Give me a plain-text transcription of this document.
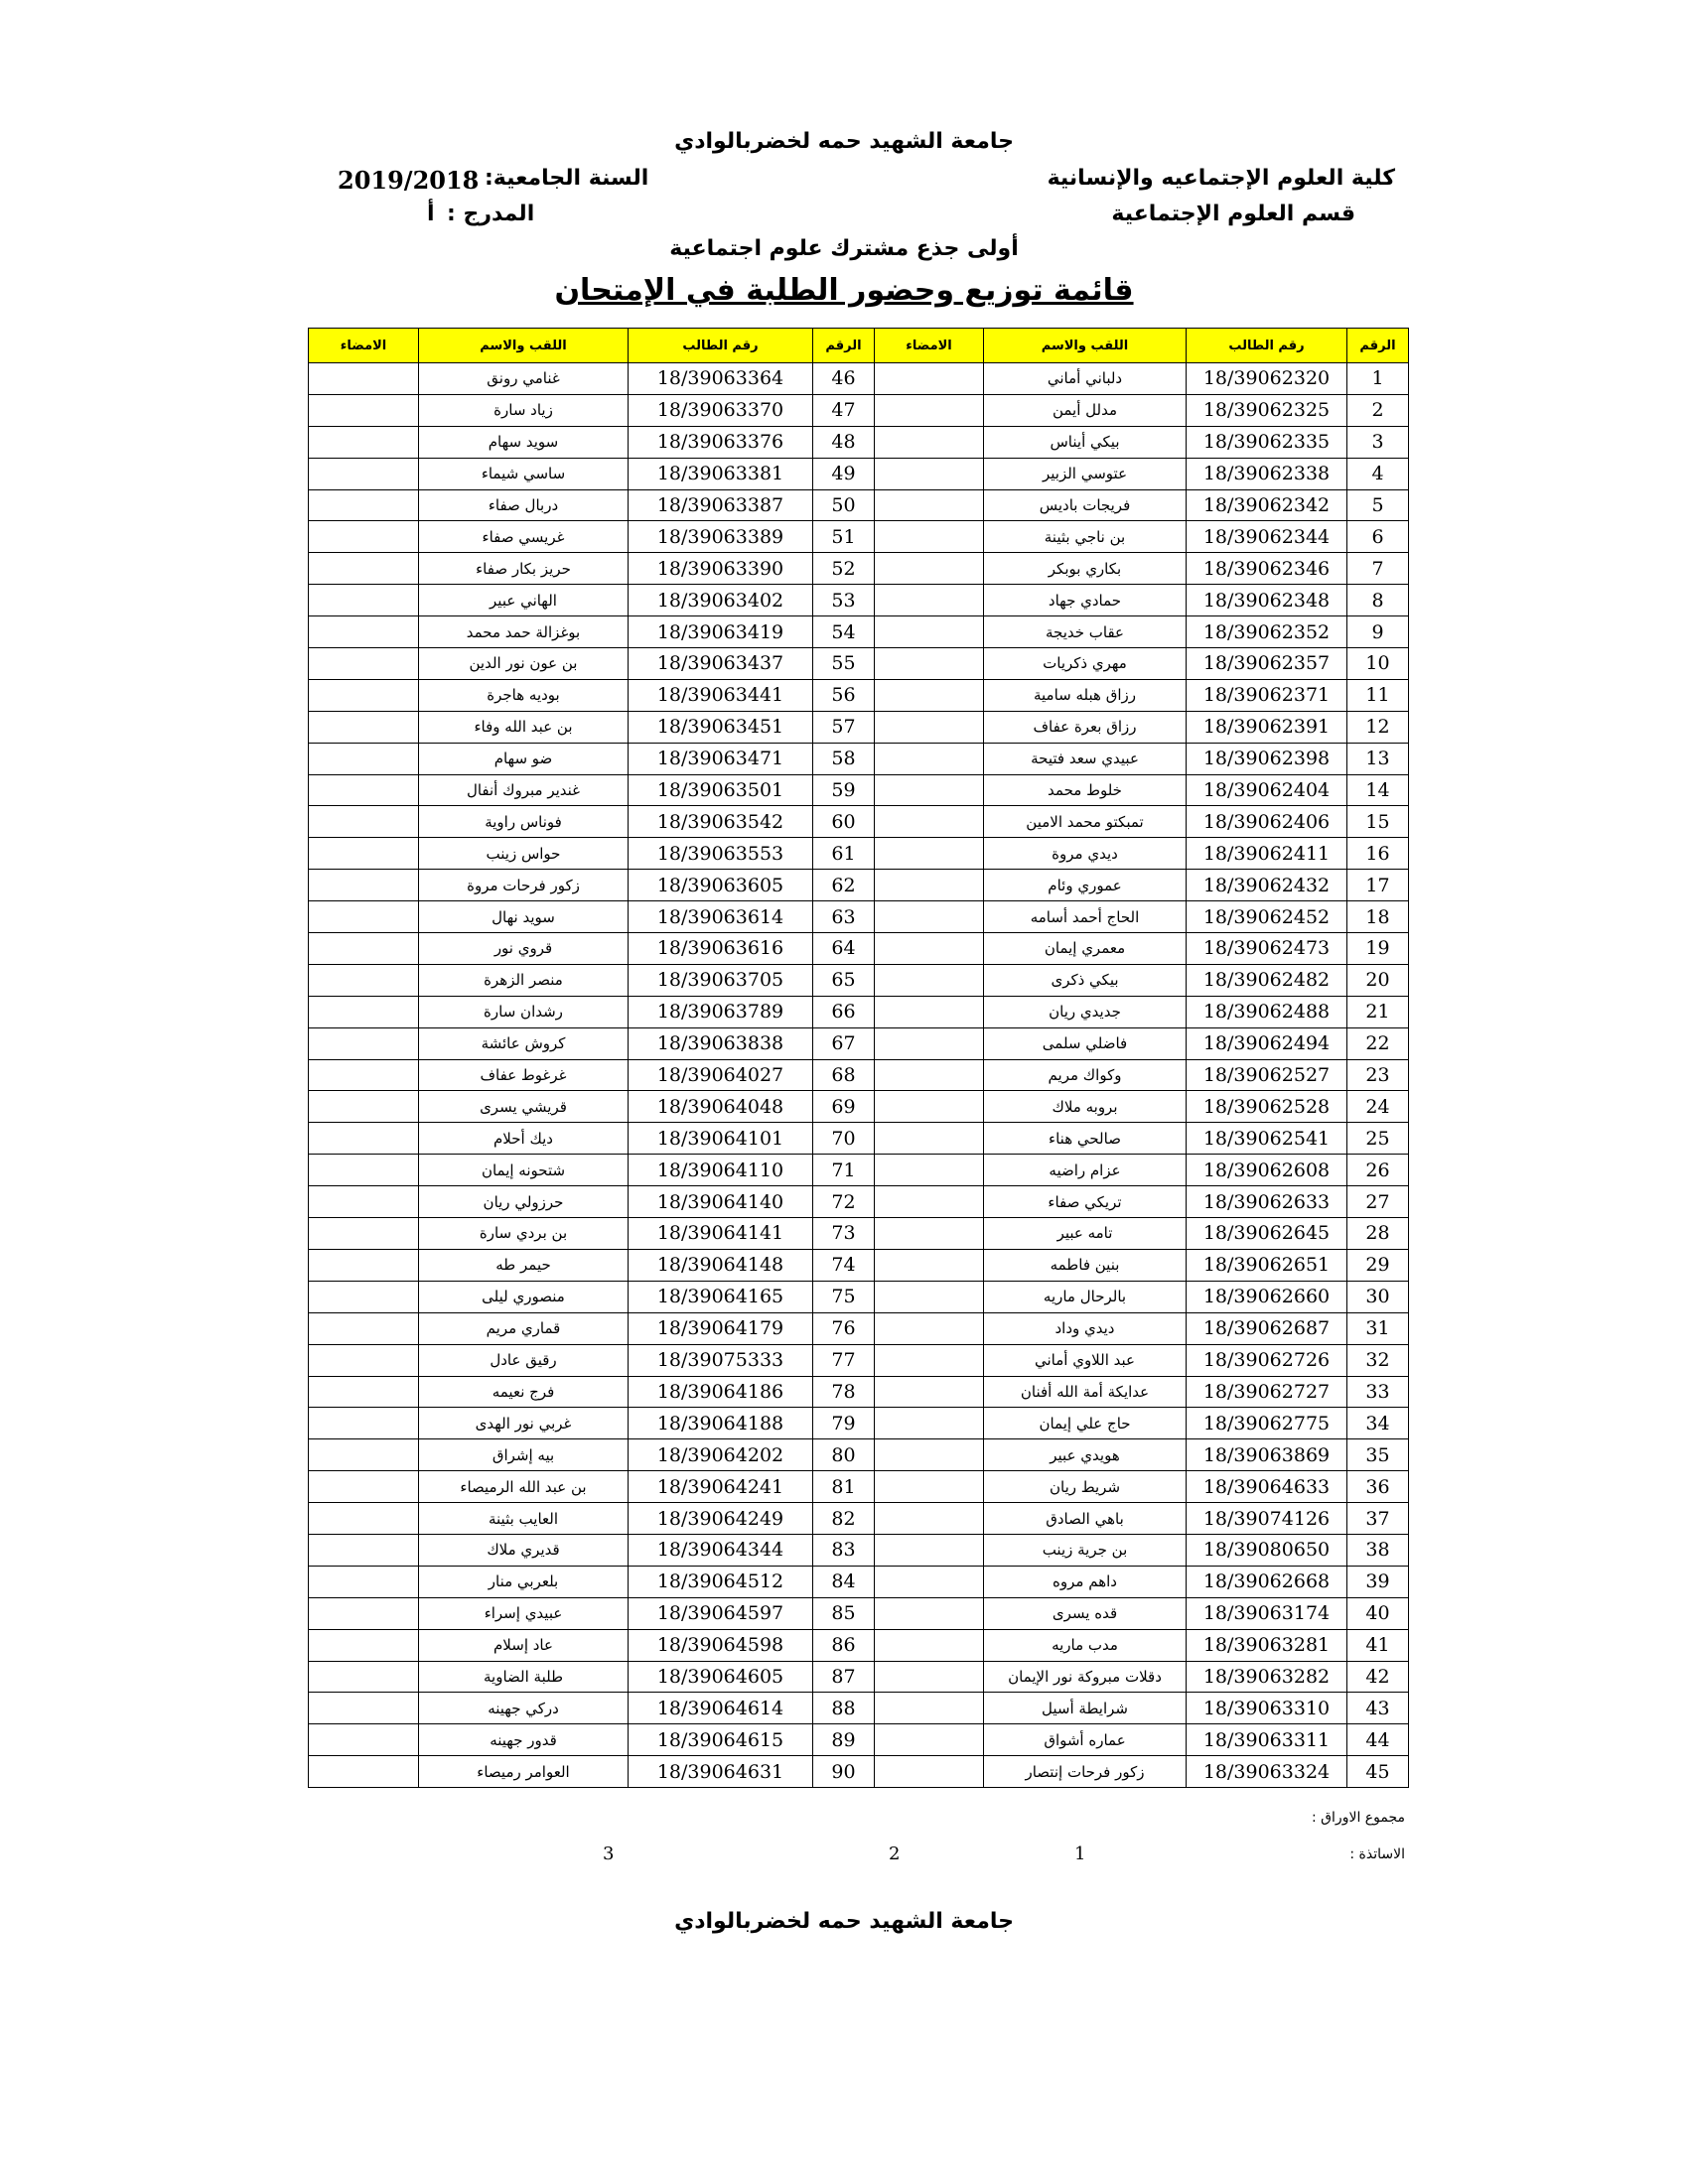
جامعة الشهيد حمه لخضربالوادي
كلية العلوم الإجتماعيه والإنسانية
قسم العلوم الإجتماعية
السنة الجامعية:
2019/2018
المدرج :
أ
أولى جذع مشترك علوم اجتماعية
قائمة توزيع وحضور الطلبة في الإمتحان
الرقم	رقم الطالب	اللقب والاسم	الامضاء	الرقم	رقم الطالب	اللقب والاسم	الامضاء
1	18/39062320	دلباني أماني		46	18/39063364	غنامي رونق	
2	18/39062325	مدلل أيمن		47	18/39063370	زياد سارة	
3	18/39062335	بيكي أيناس		48	18/39063376	سويد سهام	
4	18/39062338	عتوسي الزبير		49	18/39063381	ساسي شيماء	
5	18/39062342	فريجات باديس		50	18/39063387	دربال صفاء	
6	18/39062344	بن ناجي بثينة		51	18/39063389	غريسي صفاء	
7	18/39062346	بكاري بوبكر		52	18/39063390	حريز بكار صفاء	
8	18/39062348	حمادي جهاد		53	18/39063402	الهاني عبير	
9	18/39062352	عقاب خديجة		54	18/39063419	بوغزالة حمد محمد	
10	18/39062357	مهري ذكريات		55	18/39063437	بن عون نور الدين	
11	18/39062371	رزاق هبله سامية		56	18/39063441	بوديه هاجرة	
12	18/39062391	رزاق بعرة عفاف		57	18/39063451	بن عبد الله وفاء	
13	18/39062398	عبيدي سعد فتيحة		58	18/39063471	ضو سهام	
14	18/39062404	خلوط محمد		59	18/39063501	غندير مبروك أنفال	
15	18/39062406	تمبكتو محمد الامين		60	18/39063542	فوناس راوية	
16	18/39062411	ديدي مروة		61	18/39063553	حواس زينب	
17	18/39062432	عموري وئام		62	18/39063605	زكور فرحات مروة	
18	18/39062452	الحاج أحمد أسامه		63	18/39063614	سويد نهال	
19	18/39062473	معمري إيمان		64	18/39063616	قروي نور	
20	18/39062482	بيكي ذكرى		65	18/39063705	منصر الزهرة	
21	18/39062488	جديدي ريان		66	18/39063789	رشدان سارة	
22	18/39062494	فاضلي سلمى		67	18/39063838	كروش عائشة	
23	18/39062527	وكواك مريم		68	18/39064027	غرغوط عفاف	
24	18/39062528	بروبه ملاك		69	18/39064048	قريشي يسرى	
25	18/39062541	صالحي هناء		70	18/39064101	ديك أحلام	
26	18/39062608	عزام راضيه		71	18/39064110	شتحونه إيمان	
27	18/39062633	تريكي صفاء		72	18/39064140	حرزولي ريان	
28	18/39062645	تامه عبير		73	18/39064141	بن بردي سارة	
29	18/39062651	بنين فاطمه		74	18/39064148	حيمر طه	
30	18/39062660	بالرحال ماريه		75	18/39064165	منصوري ليلى	
31	18/39062687	ديدي وداد		76	18/39064179	قماري مريم	
32	18/39062726	عبد اللاوي أماني		77	18/39075333	رقيق عادل	
33	18/39062727	عدايكة أمة الله أفنان		78	18/39064186	فرج نعيمه	
34	18/39062775	حاج علي إيمان		79	18/39064188	غربي نور الهدى	
35	18/39063869	هويدي عبير		80	18/39064202	بيه إشراق	
36	18/39064633	شريط ريان		81	18/39064241	بن عبد الله الرميصاء	
37	18/39074126	باهي الصادق		82	18/39064249	العايب بثينة	
38	18/39080650	بن جرية زينب		83	18/39064344	قديري ملاك	
39	18/39062668	داهم مروه		84	18/39064512	بلعربي منار	
40	18/39063174	قده يسرى		85	18/39064597	عبيدي إسراء	
41	18/39063281	مدب ماريه		86	18/39064598	عاد إسلام	
42	18/39063282	دقلات مبروكة نور الإيمان		87	18/39064605	طلبة الضاوية	
43	18/39063310	شرايطة أسيل		88	18/39064614	دركي جهينه	
44	18/39063311	عماره أشواق		89	18/39064615	قدور جهينه	
45	18/39063324	زكور فرحات إنتصار		90	18/39064631	العوامر رميصاء	
مجموع الاوراق :
الاساتذة :
1
2
3
جامعة الشهيد حمه لخضربالوادي
